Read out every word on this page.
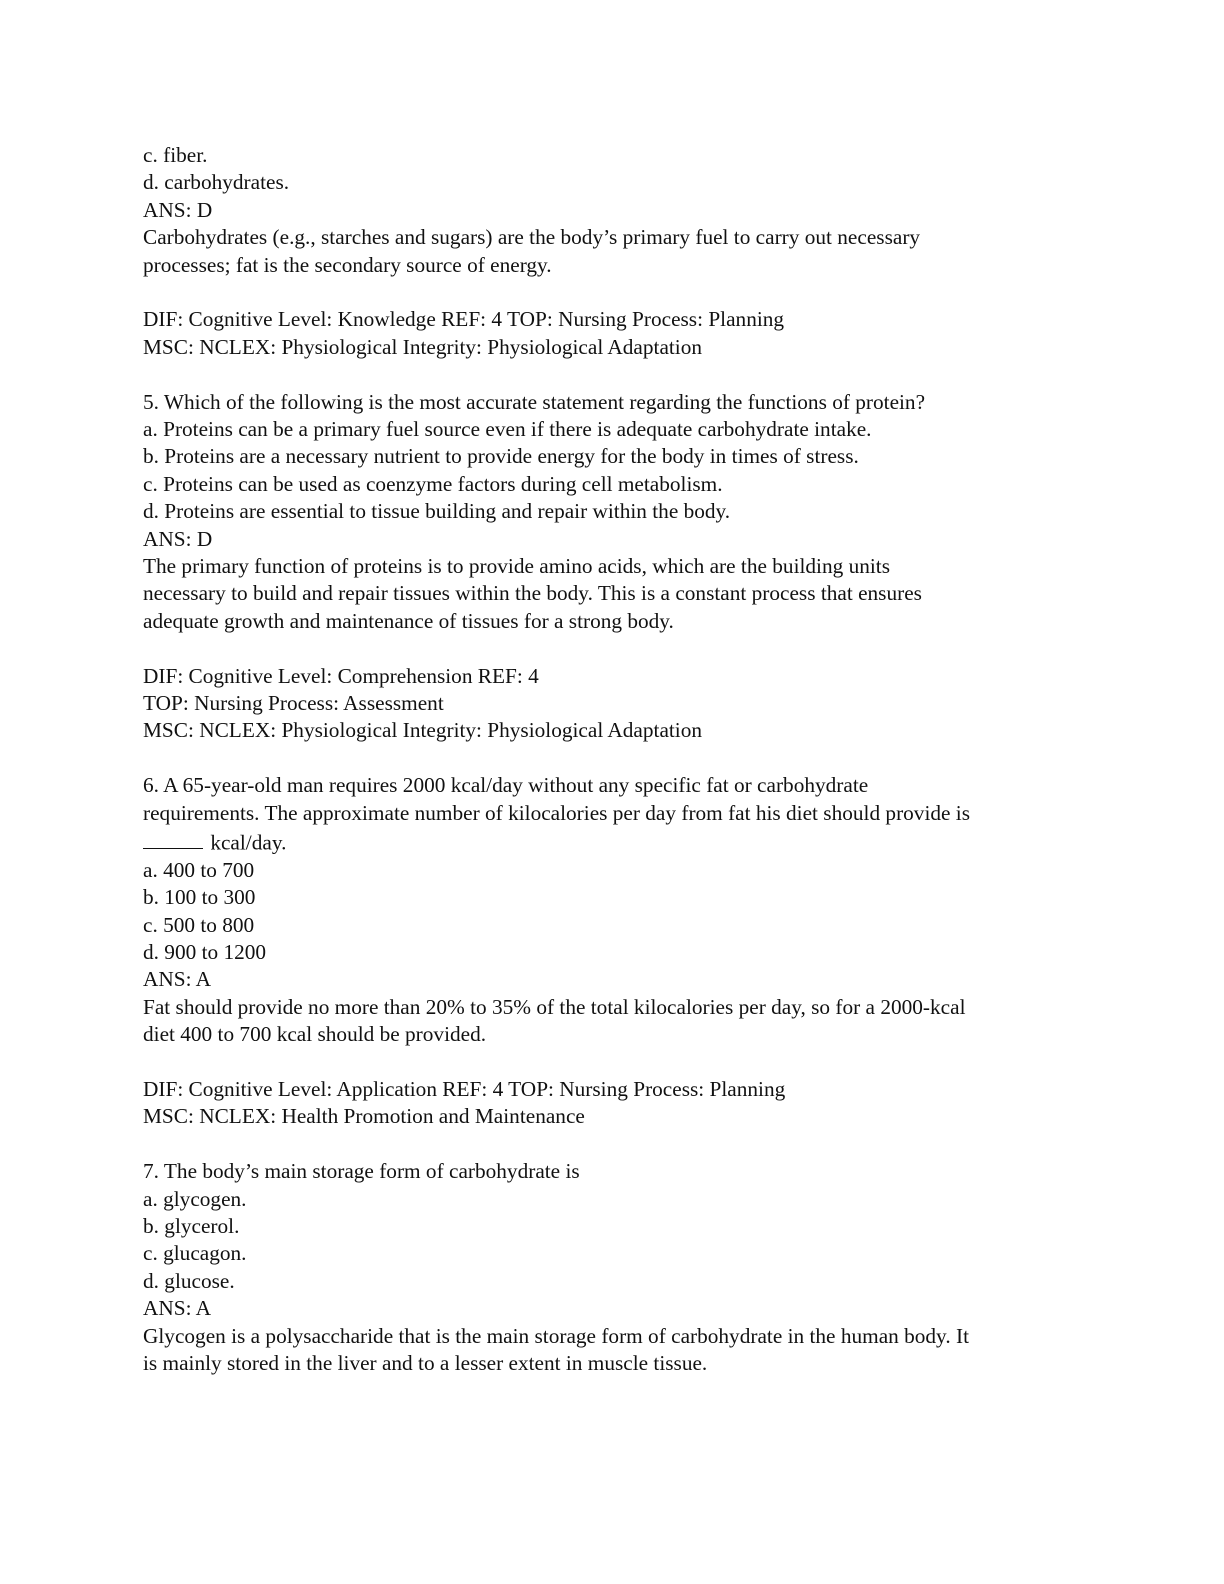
c. fiber.
d. carbohydrates.
ANS: D
Carbohydrates (e.g., starches and sugars) are the body’s primary fuel to carry out necessary
processes; fat is the secondary source of energy.
DIF: Cognitive Level: Knowledge REF: 4 TOP: Nursing Process: Planning
MSC: NCLEX: Physiological Integrity: Physiological Adaptation
5. Which of the following is the most accurate statement regarding the functions of protein?
a. Proteins can be a primary fuel source even if there is adequate carbohydrate intake.
b. Proteins are a necessary nutrient to provide energy for the body in times of stress.
c. Proteins can be used as coenzyme factors during cell metabolism.
d. Proteins are essential to tissue building and repair within the body.
ANS: D
The primary function of proteins is to provide amino acids, which are the building units
necessary to build and repair tissues within the body. This is a constant process that ensures
adequate growth and maintenance of tissues for a strong body.
DIF: Cognitive Level: Comprehension REF: 4
TOP: Nursing Process: Assessment
MSC: NCLEX: Physiological Integrity: Physiological Adaptation
6. A 65-year-old man requires 2000 kcal/day without any specific fat or carbohydrate
requirements. The approximate number of kilocalories per day from fat his diet should provide is
kcal/day.
a. 400 to 700
b. 100 to 300
c. 500 to 800
d. 900 to 1200
ANS: A
Fat should provide no more than 20% to 35% of the total kilocalories per day, so for a 2000-kcal
diet 400 to 700 kcal should be provided.
DIF: Cognitive Level: Application REF: 4 TOP: Nursing Process: Planning
MSC: NCLEX: Health Promotion and Maintenance
7. The body’s main storage form of carbohydrate is
a. glycogen.
b. glycerol.
c. glucagon.
d. glucose.
ANS: A
Glycogen is a polysaccharide that is the main storage form of carbohydrate in the human body. It
is mainly stored in the liver and to a lesser extent in muscle tissue.
